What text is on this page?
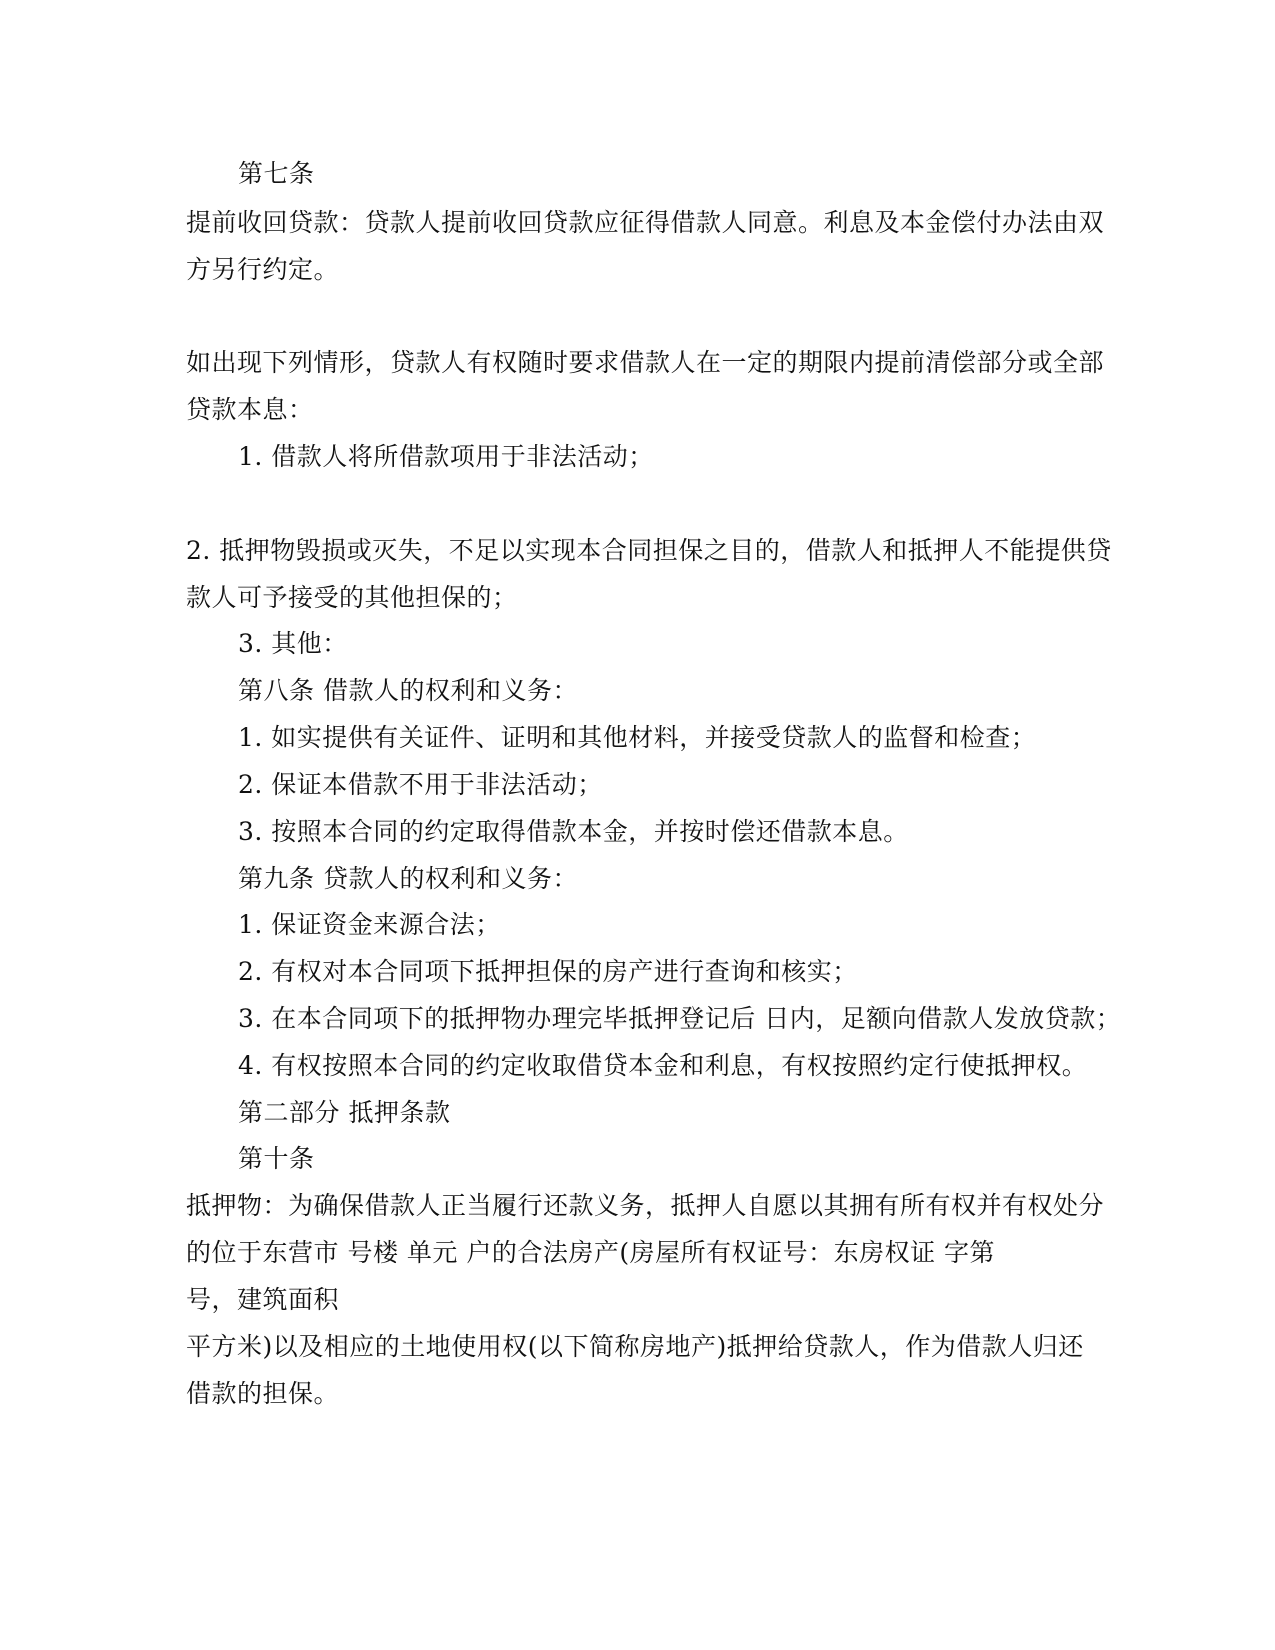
第七条
提前收回贷款：贷款人提前收回贷款应征得借款人同意。利息及本金偿付办法由双
方另行约定。
如出现下列情形，贷款人有权随时要求借款人在一定的期限内提前清偿部分或全部
贷款本息：
1. 借款人将所借款项用于非法活动；
2. 抵押物毁损或灭失，不足以实现本合同担保之目的，借款人和抵押人不能提供贷
款人可予接受的其他担保的；
3. 其他：
第八条 借款人的权利和义务：
1. 如实提供有关证件、证明和其他材料，并接受贷款人的监督和检查；
2. 保证本借款不用于非法活动；
3. 按照本合同的约定取得借款本金，并按时偿还借款本息。
第九条 贷款人的权利和义务：
1. 保证资金来源合法；
2. 有权对本合同项下抵押担保的房产进行查询和核实；
3. 在本合同项下的抵押物办理完毕抵押登记后 日内，足额向借款人发放贷款；
4. 有权按照本合同的约定收取借贷本金和利息，有权按照约定行使抵押权。
第二部分 抵押条款
第十条
抵押物：为确保借款人正当履行还款义务，抵押人自愿以其拥有所有权并有权处分
的位于东营市 号楼 单元 户的合法房产(房屋所有权证号：东房权证 字第
号，建筑面积
平方米)以及相应的土地使用权(以下简称房地产)抵押给贷款人，作为借款人归还
借款的担保。
